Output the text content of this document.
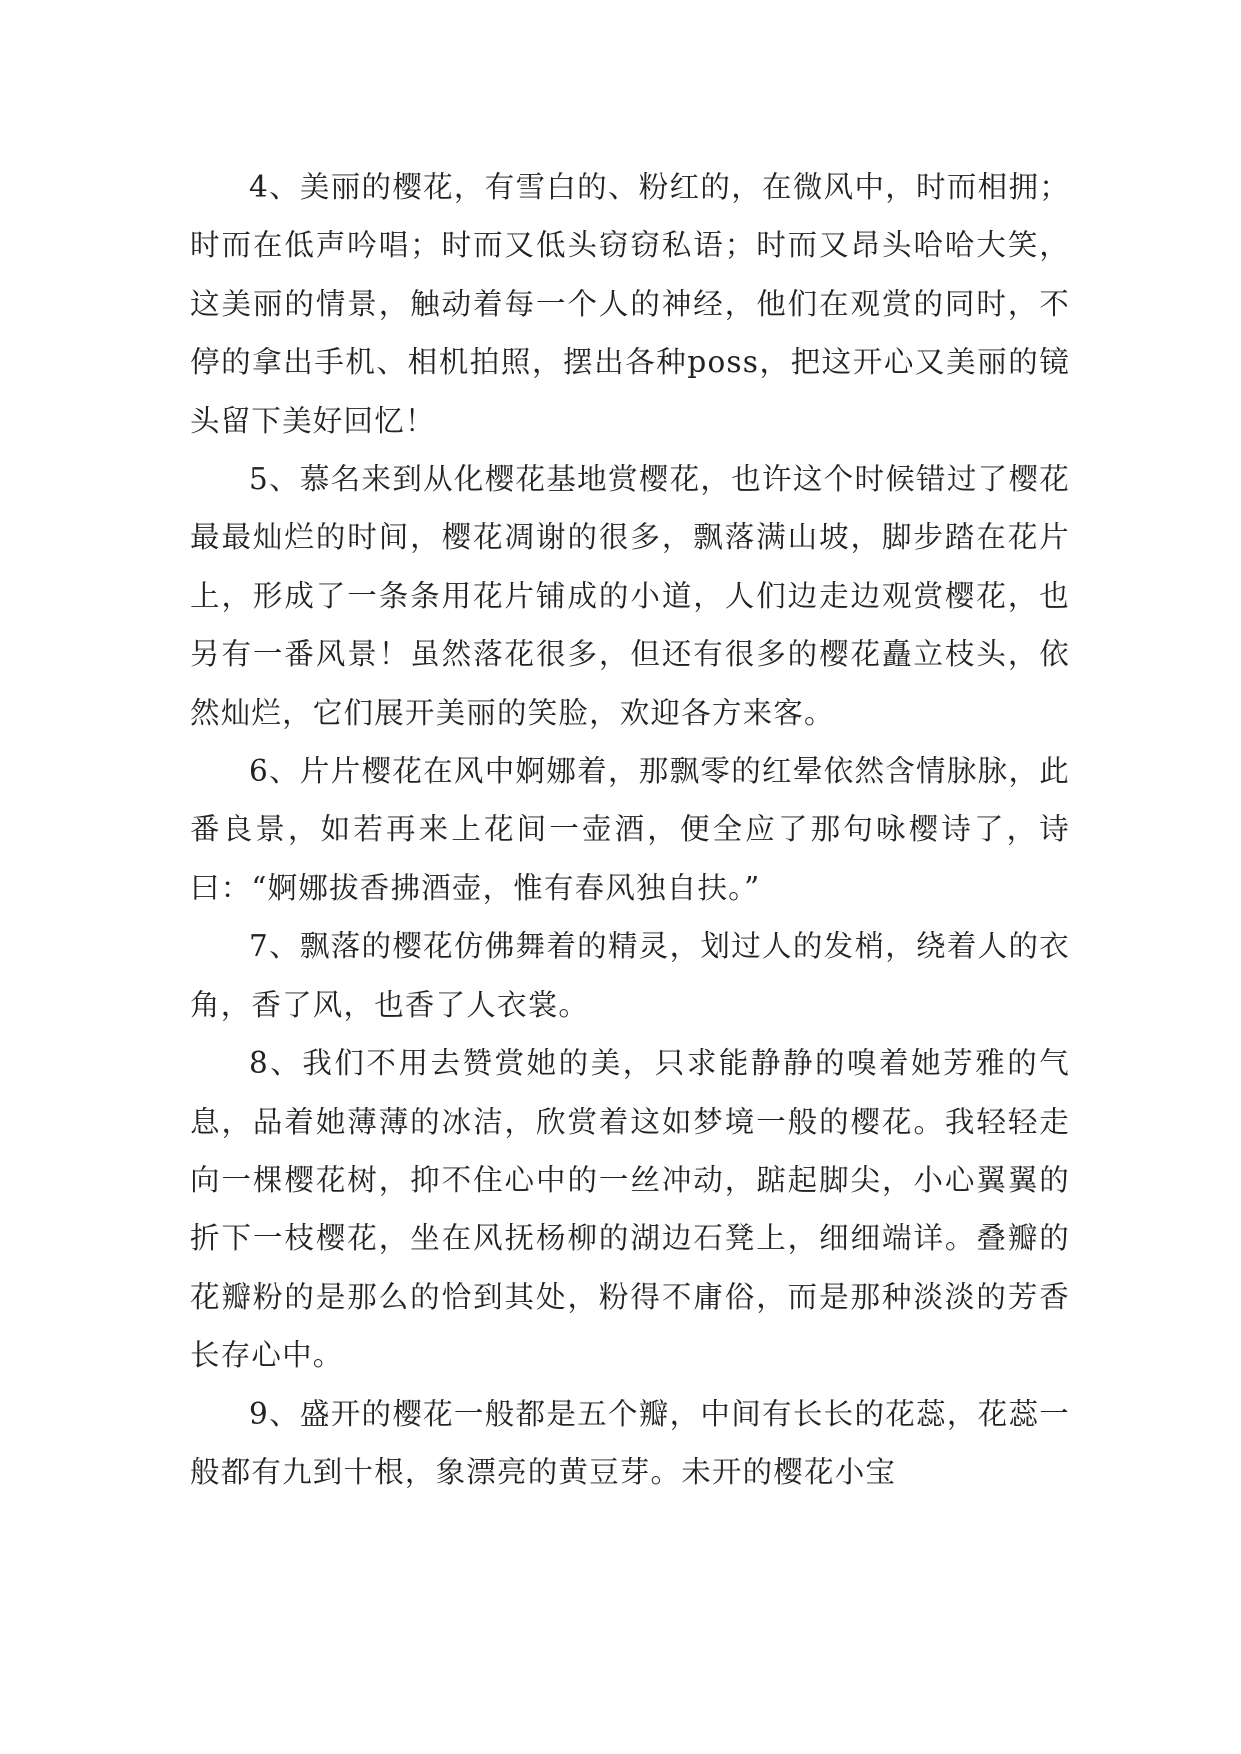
4、美丽的樱花，有雪白的、粉红的，在微风中，时而相拥；时而在低声吟唱；时而又低头窃窃私语；时而又昂头哈哈大笑，这美丽的情景，触动着每一个人的神经，他们在观赏的同时，不停的拿出手机、相机拍照，摆出各种poss，把这开心又美丽的镜头留下美好回忆！

5、慕名来到从化樱花基地赏樱花，也许这个时候错过了樱花最最灿烂的时间，樱花凋谢的很多，飘落满山坡，脚步踏在花片上，形成了一条条用花片铺成的小道，人们边走边观赏樱花，也另有一番风景！虽然落花很多，但还有很多的樱花矗立枝头，依然灿烂，它们展开美丽的笑脸，欢迎各方来客。

6、片片樱花在风中婀娜着，那飘零的红晕依然含情脉脉，此番良景，如若再来上花间一壶酒，便全应了那句咏樱诗了，诗曰：“婀娜拔香拂酒壶，惟有春风独自扶。”

7、飘落的樱花仿佛舞着的精灵，划过人的发梢，绕着人的衣角，香了风，也香了人衣裳。

8、我们不用去赞赏她的美，只求能静静的嗅着她芳雅的气息，品着她薄薄的冰洁，欣赏着这如梦境一般的樱花。我轻轻走向一棵樱花树，抑不住心中的一丝冲动，踮起脚尖，小心翼翼的折下一枝樱花，坐在风抚杨柳的湖边石凳上，细细端详。叠瓣的花瓣粉的是那么的恰到其处，粉得不庸俗，而是那种淡淡的芳香长存心中。

9、盛开的樱花一般都是五个瓣，中间有长长的花蕊，花蕊一般都有九到十根，象漂亮的黄豆芽。未开的樱花小宝
